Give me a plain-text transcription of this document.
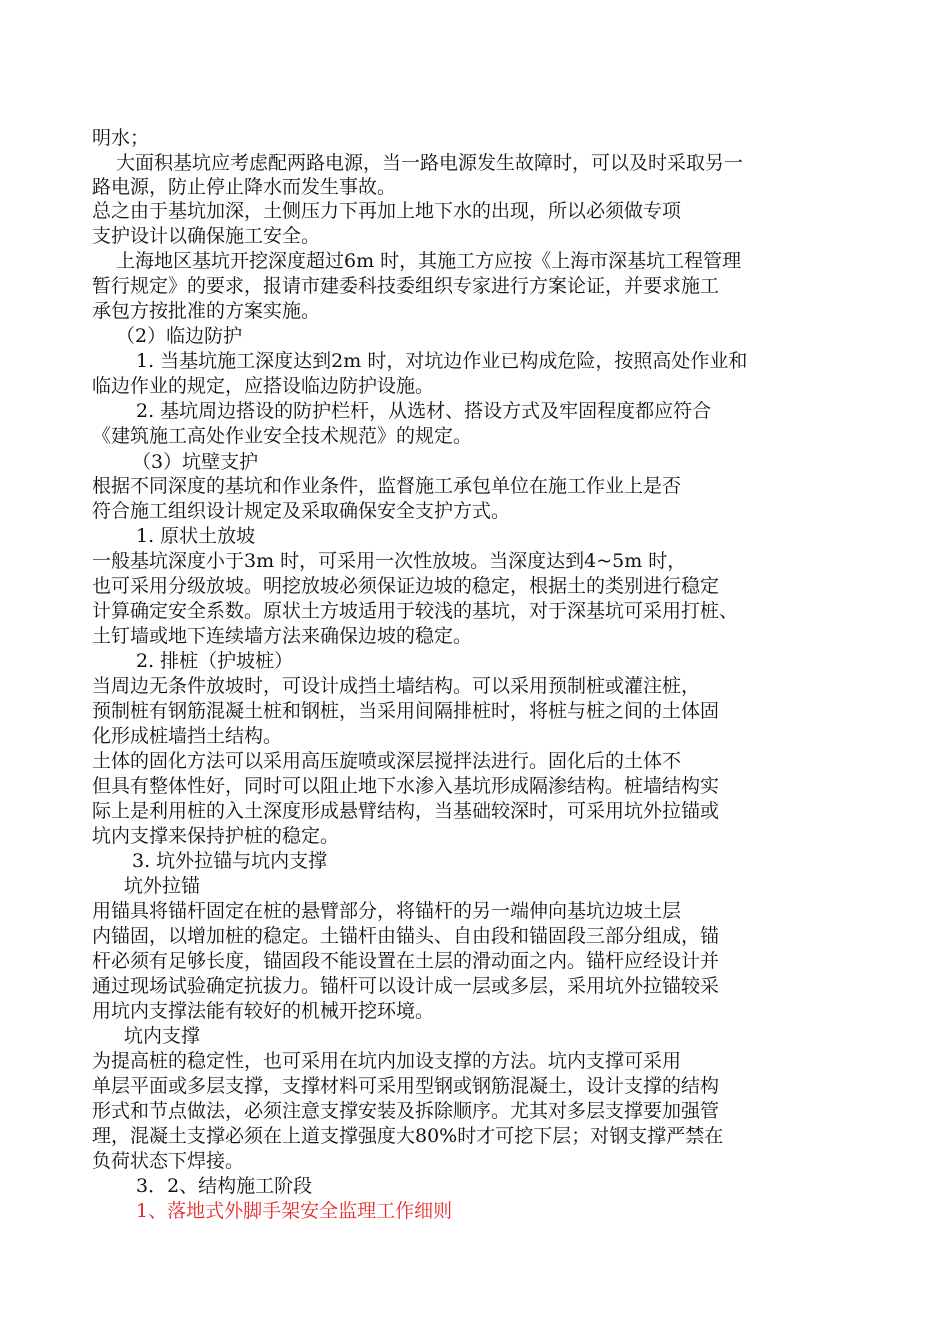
明水；
大面积基坑应考虑配两路电源，当一路电源发生故障时，可以及时采取另一
路电源，防止停止降水而发生事故。
总之由于基坑加深，土侧压力下再加上地下水的出现，所以必须做专项
支护设计以确保施工安全。
上海地区基坑开挖深度超过6m 时，其施工方应按《上海市深基坑工程管理
暂行规定》的要求，报请市建委科技委组织专家进行方案论证，并要求施工
承包方按批准的方案实施。
（2）临边防护
1. 当基坑施工深度达到2m 时，对坑边作业已构成危险，按照高处作业和
临边作业的规定，应搭设临边防护设施。
2. 基坑周边搭设的防护栏杆，从选材、搭设方式及牢固程度都应符合
《建筑施工高处作业安全技术规范》的规定。
（3）坑壁支护
根据不同深度的基坑和作业条件，监督施工承包单位在施工作业上是否
符合施工组织设计规定及采取确保安全支护方式。
1. 原状土放坡
一般基坑深度小于3m 时，可采用一次性放坡。当深度达到4~5m 时，
也可采用分级放坡。明挖放坡必须保证边坡的稳定，根据土的类别进行稳定
计算确定安全系数。原状土方坡适用于较浅的基坑，对于深基坑可采用打桩、
土钉墙或地下连续墙方法来确保边坡的稳定。
2. 排桩（护坡桩）
当周边无条件放坡时，可设计成挡土墙结构。可以采用预制桩或灌注桩，
预制桩有钢筋混凝土桩和钢桩，当采用间隔排桩时，将桩与桩之间的土体固
化形成桩墙挡土结构。
土体的固化方法可以采用高压旋喷或深层搅拌法进行。固化后的土体不
但具有整体性好，同时可以阻止地下水渗入基坑形成隔渗结构。桩墙结构实
际上是利用桩的入土深度形成悬臂结构，当基础较深时，可采用坑外拉锚或
坑内支撑来保持护桩的稳定。
3. 坑外拉锚与坑内支撑
坑外拉锚
用锚具将锚杆固定在桩的悬臂部分，将锚杆的另一端伸向基坑边坡土层
内锚固，以增加桩的稳定。土锚杆由锚头、自由段和锚固段三部分组成，锚
杆必须有足够长度，锚固段不能设置在土层的滑动面之内。锚杆应经设计并
通过现场试验确定抗拔力。锚杆可以设计成一层或多层，采用坑外拉锚较采
用坑内支撑法能有较好的机械开挖环境。
坑内支撑
为提高桩的稳定性，也可采用在坑内加设支撑的方法。坑内支撑可采用
单层平面或多层支撑，支撑材料可采用型钢或钢筋混凝土，设计支撑的结构
形式和节点做法，必须注意支撑安装及拆除顺序。尤其对多层支撑要加强管
理，混凝土支撑必须在上道支撑强度大80%时才可挖下层；对钢支撑严禁在
负荷状态下焊接。
3．2、结构施工阶段
1、落地式外脚手架安全监理工作细则
